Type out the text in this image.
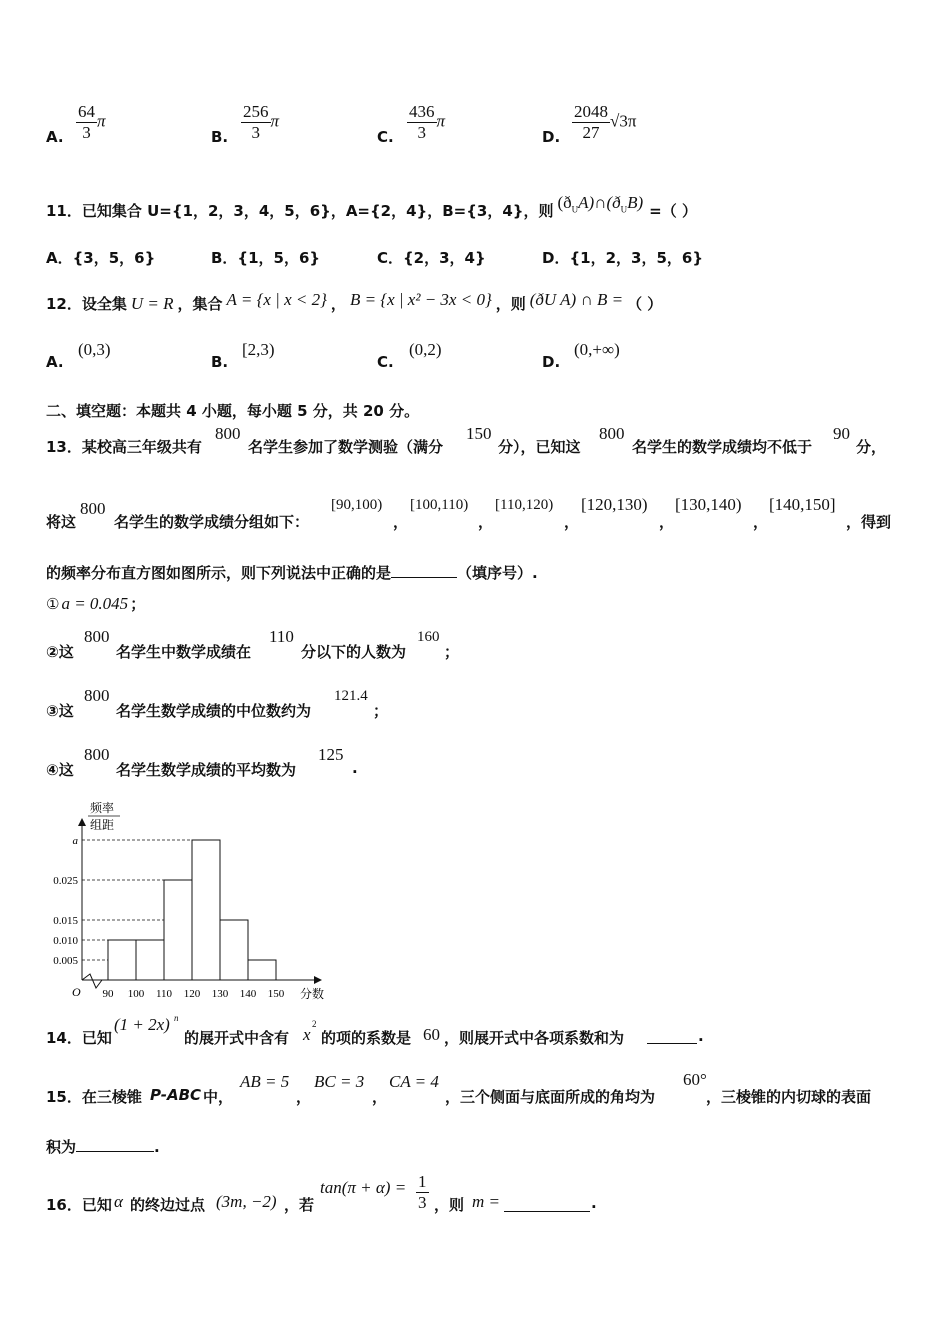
A. $\frac{64}{3}$ π
B. $\frac{256}{3}$ π
C. $\frac{436}{3}$ π
D. $\frac{2048}{27} √3\pi$
11．已知集合 U={1，2，3，4，5，6}，A={2，4}，B={3，4}，则 $(ð_UA)\cap(ð_UB)$ =（ ）
A．{3，5，6}	B．{1，5，6}	C．{2，3，4}	D．{1，2，3，5，6}
12．设全集 U = R ，集合 A = {x | x < 2} ， B = {x | x² − 3x < 0} ，则 (ðU A) ∩ B = （ ）
A.
(0,3)
B.
[2,3)
C.
(0,2)
D.
(0,+∞)
二、填空题：本题共 4 小题，每小题 5 分，共 20 分。
13．某校高三年级共有
800
名学生参加了数学测验（满分
150
分），已知这
800
名学生的数学成绩均不低于
90
分，
将这
800
名学生的数学成绩分组如下：
[90,100)
，
[100,110)
，
[110,120)
，
[120,130)
，
[130,140)
，
[140,150]
，得到
的频率分布直方图如图所示，则下列说法中正确的是	（填序号）.
① a = 0.045 ；
②这
800
名学生中数学成绩在
110
分以下的人数为
160
；
③这
800
名学生数学成绩的中位数约为
121.4
；
④这
800
名学生数学成绩的平均数为
125
.
0.005
0.010
0.015
0.025
a
90 100 110 120 130 140 150
频率
组距
O	分数
14．已知
(1 + 2x) n
的展开式中含有 x
2
的项的系数是 60 ，则展开式中各项系数和为	.
15．在三棱锥 P-ABC 中，
AB = 5
，
BC = 3
，
CA = 4
，三个侧面与底面所成的角均为
60°
，三棱锥的内切球的表面
积为	.
16．已知 α 的终边过点 (3m, −2) ，若
$\tan(\pi + \alpha) = \frac{1}{3}$ ，则 m =	.
